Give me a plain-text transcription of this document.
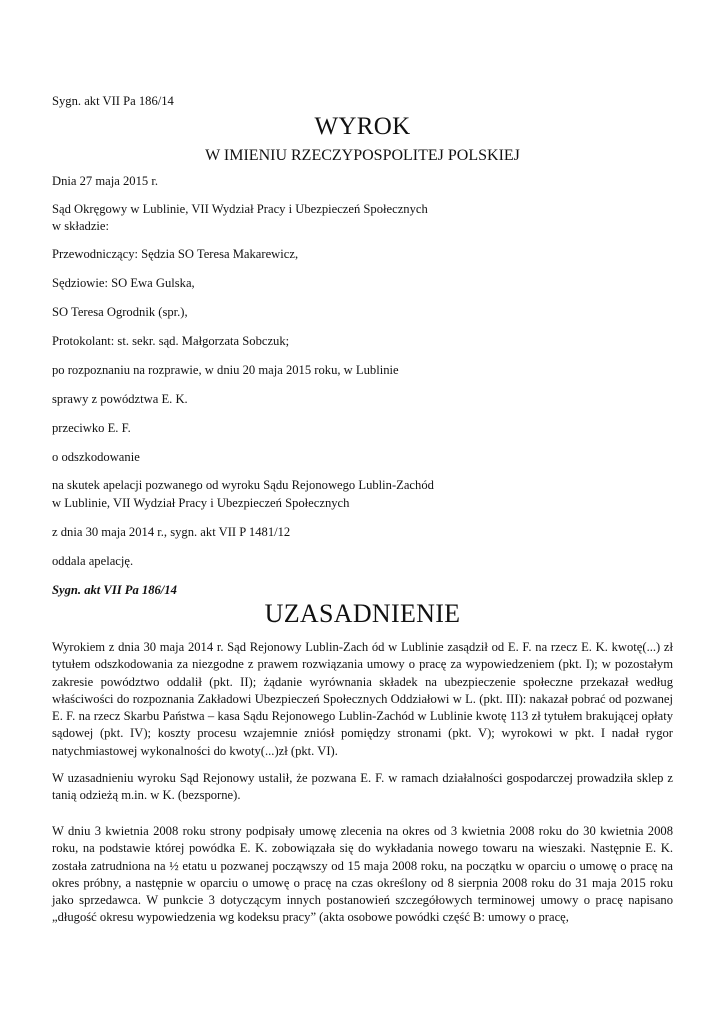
Sygn. akt VII Pa 186/14
WYROK
W IMIENIU RZECZYPOSPOLITEJ POLSKIEJ
Dnia 27 maja 2015 r.
Sąd Okręgowy w Lublinie, VII Wydział Pracy i Ubezpieczeń Społecznych
w składzie:
Przewodniczący: Sędzia SO Teresa Makarewicz,
Sędziowie: SO Ewa Gulska,
SO Teresa Ogrodnik (spr.),
Protokolant: st. sekr. sąd. Małgorzata Sobczuk;
po rozpoznaniu na rozprawie, w dniu 20 maja 2015 roku, w Lublinie
sprawy z powództwa E. K.
przeciwko E. F.
o odszkodowanie
na skutek apelacji pozwanego od wyroku Sądu Rejonowego Lublin-Zachód
w Lublinie, VII Wydział Pracy i Ubezpieczeń Społecznych
z dnia 30 maja 2014 r., sygn. akt VII P 1481/12
oddala apelację.
Sygn. akt VII Pa 186/14
UZASADNIENIE
Wyrokiem z dnia 30 maja 2014 r. Sąd Rejonowy Lublin-Zach ód w Lublinie zasądził od E. F. na rzecz E. K. kwotę(...) zł tytułem odszkodowania za niezgodne z prawem rozwiązania umowy o pracę za wypowiedzeniem (pkt. I); w pozostałym zakresie powództwo oddalił (pkt. II); żądanie wyrównania składek na ubezpieczenie społeczne przekazał według właściwości do rozpoznania Zakładowi Ubezpieczeń Społecznych Oddziałowi w L. (pkt. III): nakazał pobrać od pozwanej E. F. na rzecz Skarbu Państwa – kasa Sądu Rejonowego Lublin-Zachód w Lublinie kwotę 113 zł tytułem brakującej opłaty sądowej (pkt. IV); koszty procesu wzajemnie zniósł pomiędzy stronami (pkt. V); wyrokowi w pkt. I nadał rygor natychmiastowej wykonalności do kwoty(...)zł (pkt. VI).
W uzasadnieniu wyroku Sąd Rejonowy ustalił, że pozwana E. F. w ramach działalności gospodarczej prowadziła sklep z tanią odzieżą m.in. w K. (bezsporne).
W dniu 3 kwietnia 2008 roku strony podpisały umowę zlecenia na okres od 3 kwietnia 2008 roku do 30 kwietnia 2008 roku, na podstawie której powódka E. K. zobowiązała się do wykładania nowego towaru na wieszaki. Następnie E. K. została zatrudniona na ½ etatu u pozwanej począwszy od 15 maja 2008 roku, na początku w oparciu o umowę o pracę na okres próbny, a następnie w oparciu o umowę o pracę na czas określony od 8 sierpnia 2008 roku do 31 maja 2015 roku jako sprzedawca. W punkcie 3 dotyczącym innych postanowień szczegółowych terminowej umowy o pracę napisano „długość okresu wypowiedzenia wg kodeksu pracy” (akta osobowe powódki część B: umowy o pracę,
